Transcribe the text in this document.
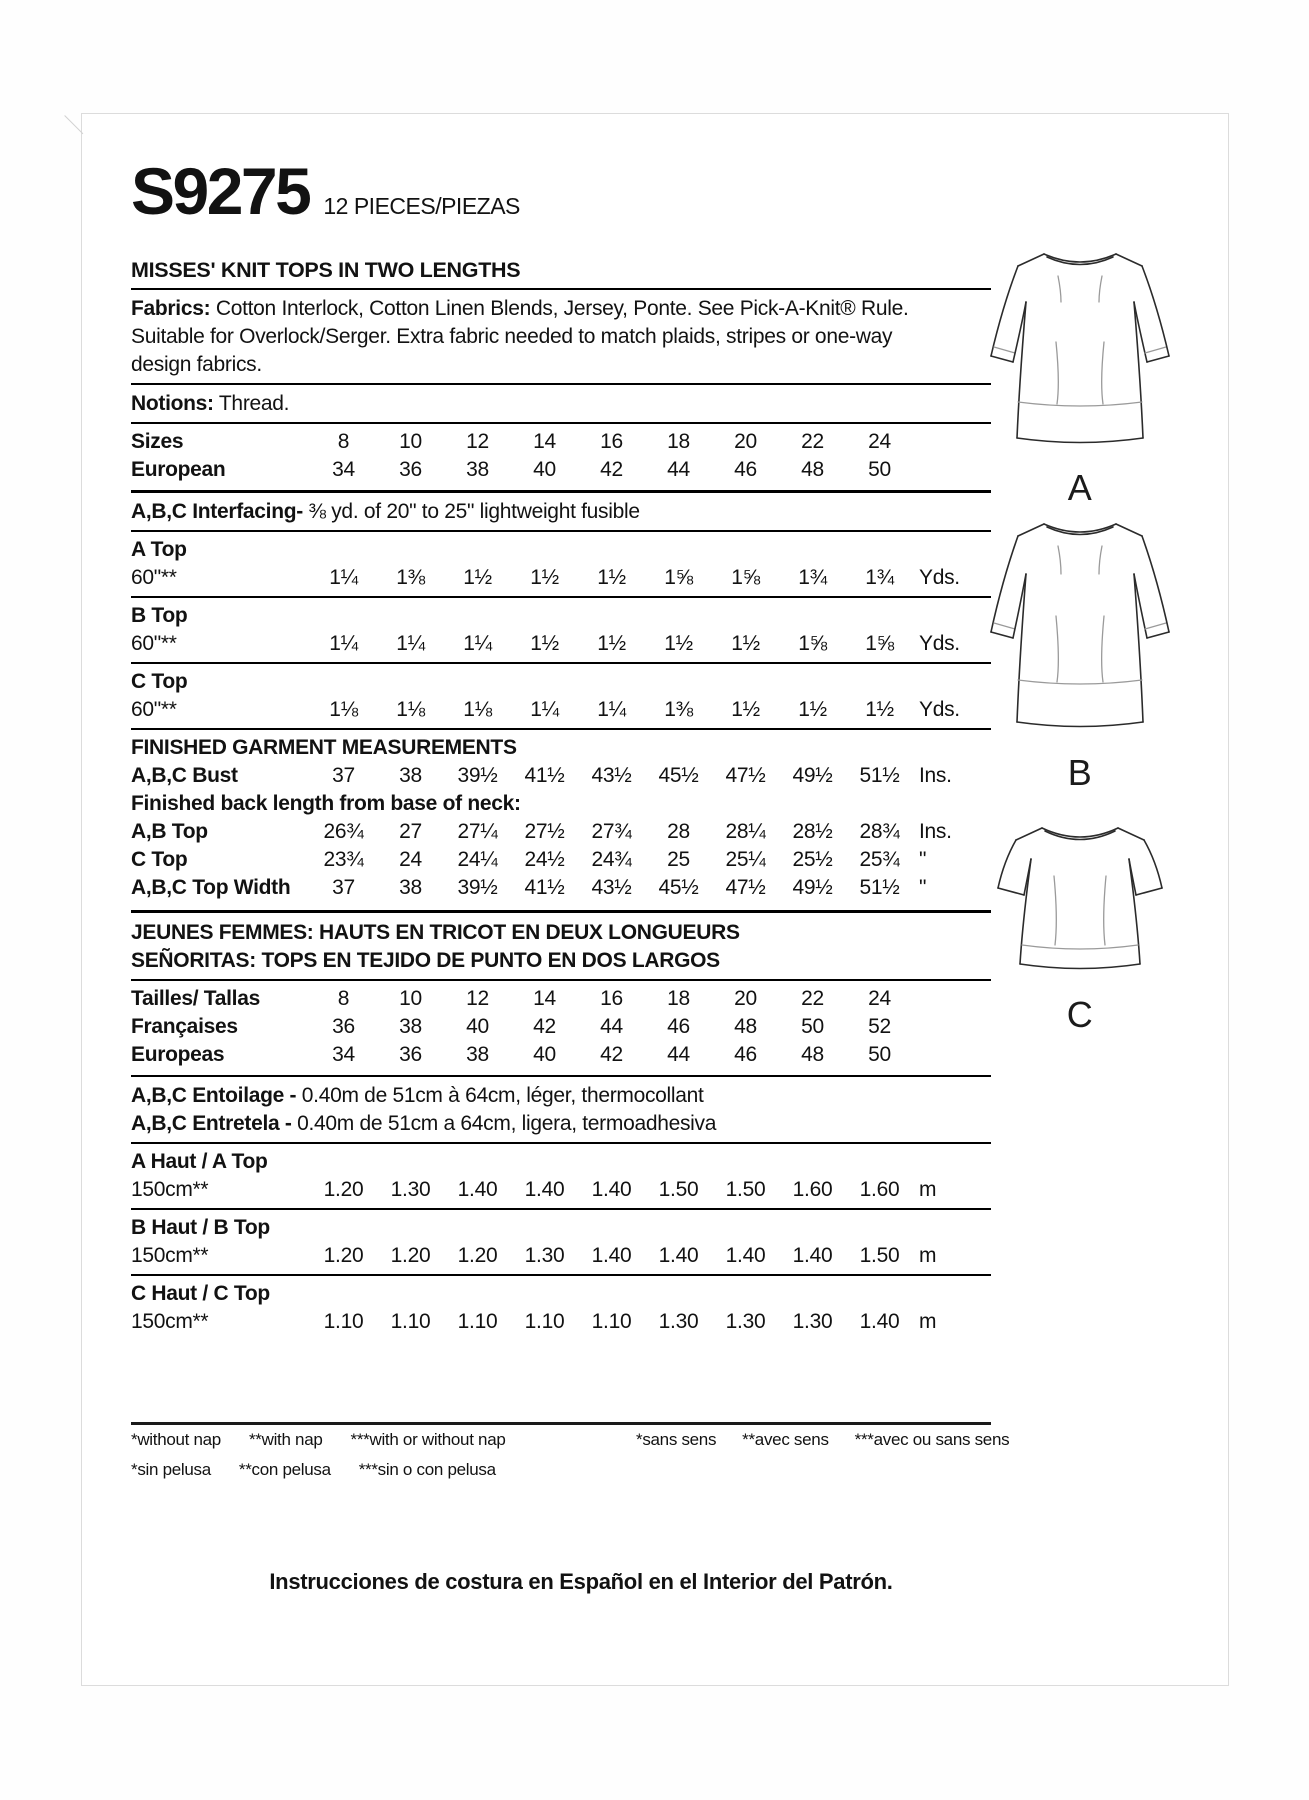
S9275 12 PIECES/PIEZAS
MISSES' KNIT TOPS IN TWO LENGTHS
Fabrics: Cotton Interlock, Cotton Linen Blends, Jersey, Ponte. See Pick-A-Knit® Rule.
Suitable for Overlock/Serger. Extra fabric needed to match plaids, stripes or one-way
design fabrics.
Notions: Thread.
Sizes	8	10	12	14	16	18	20	22	24
European	34	36	38	40	42	44	46	48	50
A,B,C Interfacing- ⅜ yd. of 20" to 25" lightweight fusible
A Top
60"**	1¼	1⅜	1½	1½	1½	1⅝	1⅝	1¾	1¾	Yds.
B Top
60"**	1¼	1¼	1¼	1½	1½	1½	1½	1⅝	1⅝	Yds.
C Top
60"**	1⅛	1⅛	1⅛	1¼	1¼	1⅜	1½	1½	1½	Yds.
FINISHED GARMENT MEASUREMENTS
A,B,C Bust	37	38	39½	41½	43½	45½	47½	49½	51½ Ins.
Finished back length from base of neck:
A,B Top	26¾	27	27¼	27½	27¾	28	28¼	28½	28¾ Ins.
C Top	23¾	24	24¼	24½	24¾	25	25¼	25½	25¾ "
A,B,C Top Width	37	38	39½	41½	43½	45½	47½	49½	51½ "
JEUNES FEMMES: HAUTS EN TRICOT EN DEUX LONGUEURS
SEÑORITAS: TOPS EN TEJIDO DE PUNTO EN DOS LARGOS
Tailles/ Tallas	8	10	12	14	16	18	20	22	24
Françaises	36	38	40	42	44	46	48	50	52
Europeas	34	36	38	40	42	44	46	48	50
A,B,C Entoilage - 0.40m de 51cm à 64cm, léger, thermocollant
A,B,C Entretela - 0.40m de 51cm a 64cm, ligera, termoadhesiva
A Haut / A Top
150cm**	1.20	1.30	1.40	1.40	1.40	1.50	1.50	1.60	1.60 m
B Haut / B Top
150cm**	1.20	1.20	1.20	1.30	1.40	1.40	1.40	1.40	1.50 m
C Haut / C Top
150cm**	1.10	1.10	1.10	1.10	1.10	1.30	1.30	1.30	1.40 m
*without nap **with nap ***with or without nap	*sans sens **avec sens ***avec ou sans sens
*sin pelusa **con pelusa ***sin o con pelusa
Instrucciones de costura en Español en el Interior del Patrón.
A
B
C
